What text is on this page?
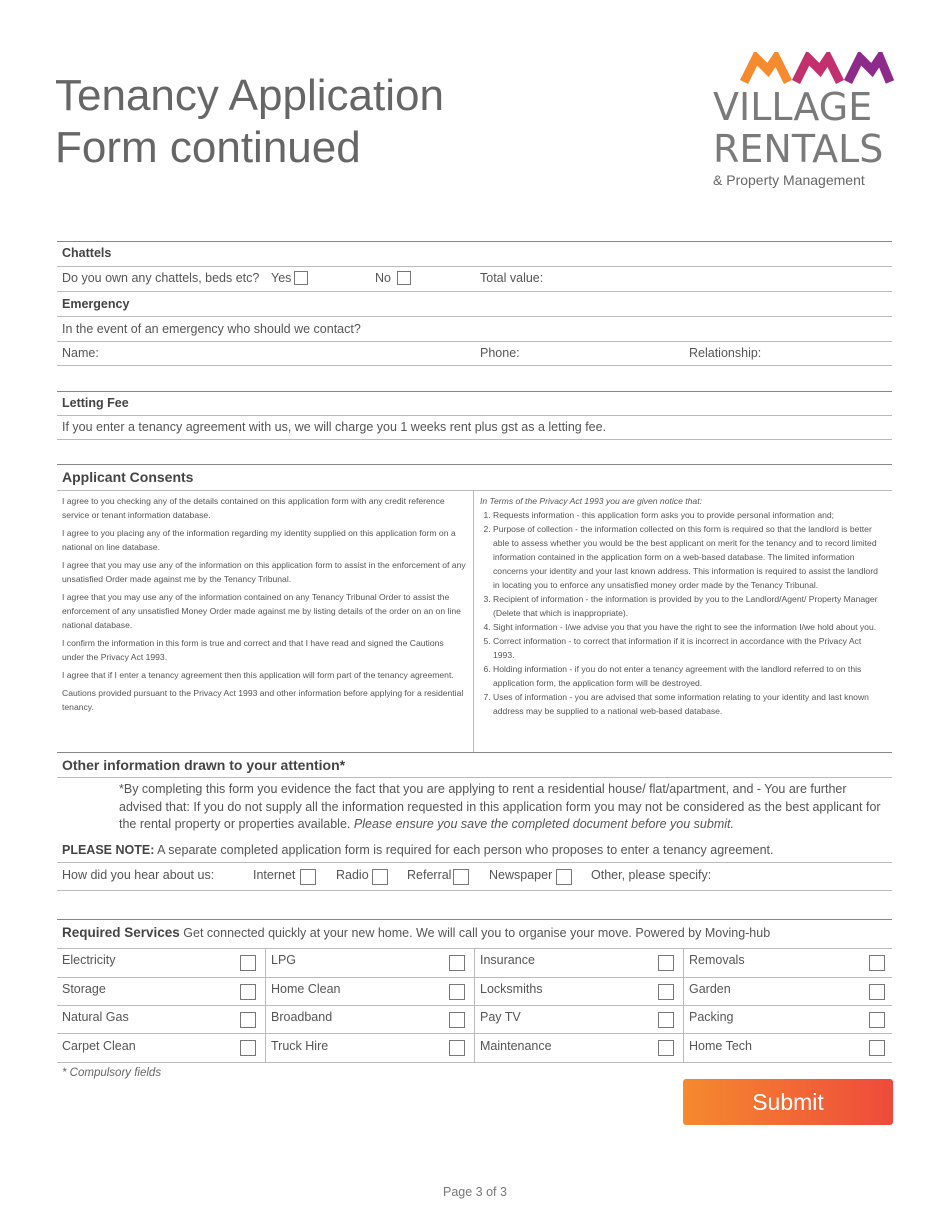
Tenancy Application
Form continued
VILLAGE
RENTALS
& Property Management
Chattels
Do you own any chattels, beds etc? Yes	No	Total value:
Emergency
In the event of an emergency who should we contact?
Name:	Phone:	Relationship:
Letting Fee
If you enter a tenancy agreement with us, we will charge you 1 weeks rent plus gst as a letting fee.
Applicant Consents

I agree to you checking any of the details contained on this application form with any credit reference service or tenant information database.

I agree to you placing any of the information regarding my identity supplied on this application form on a national on line database.

I agree that you may use any of the information on this application form to assist in the enforcement of any unsatisfied Order made against me by the Tenancy Tribunal.

I agree that you may use any of the information contained on any Tenancy Tribunal Order to assist the enforcement of any unsatisfied Money Order made against me by listing details of the order on an on line national database.

I confirm the information in this form is true and correct and that I have read and signed the Cautions under the Privacy Act 1993.

I agree that if I enter a tenancy agreement then this application will form part of the tenancy agreement.

Cautions provided pursuant to the Privacy Act 1993 and other information before applying for a residential tenancy.

In Terms of the Privacy Act 1993 you are given notice that:
1. Requests information - this application form asks you to provide personal information and;
2. Purpose of collection - the information collected on this form is required so that the landlord is better able to assess whether you would be the best applicant on merit for the tenancy and to record limited information contained in the application form on a web-based database. The limited information concerns your identity and your last known address. This information is required to assist the landlord in locating you to enforce any unsatisfied money order made by the Tenancy Tribunal.
3. Recipient of information - the information is provided by you to the Landlord/Agent/ Property Manager (Delete that which is inappropriate).
4. Sight information - I/we advise you that you have the right to see the information I/we hold about you.
5. Correct information - to correct that information if it is incorrect in accordance with the Privacy Act 1993.
6. Holding information - if you do not enter a tenancy agreement with the landlord referred to on this application form, the application form will be destroyed.
7. Uses of information - you are advised that some information relating to your identity and last known address may be supplied to a national web-based database.
Other information drawn to your attention*
*By completing this form you evidence the fact that you are applying to rent a residential house/ flat/apartment, and - You are further advised that: If you do not supply all the information requested in this application form you may not be considered as the best applicant for the rental property or properties available. Please ensure you save the completed document before you submit.
PLEASE NOTE: A separate completed application form is required for each person who proposes to enter a tenancy agreement.
How did you hear about us:	Internet	Radio	Referral	Newspaper	Other, please specify:
Required Services Get connected quickly at your new home. We will call you to organise your move. Powered by Moving-hub
Electricity	LPG	Insurance	Removals
Storage	Home Clean	Locksmiths	Garden
Natural Gas	Broadband	Pay TV	Packing
Carpet Clean	Truck Hire	Maintenance	Home Tech
* Compulsory fields
Submit
Page 3 of 3
